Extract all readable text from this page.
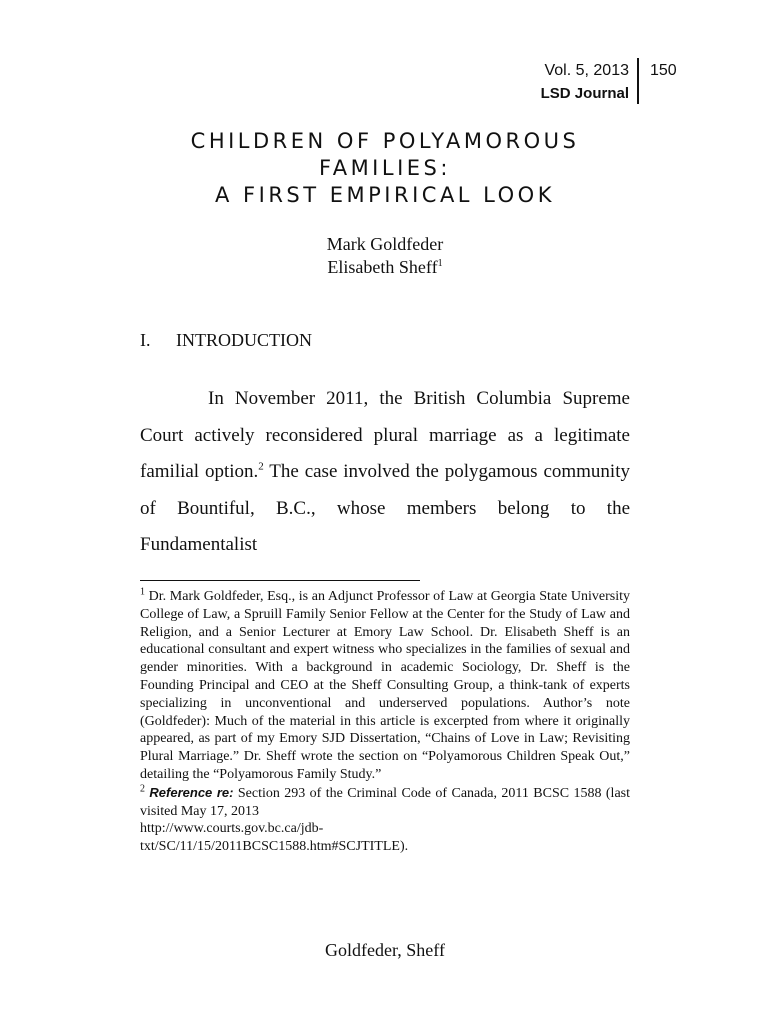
Vol. 5, 2013
LSD Journal
150
CHILDREN OF POLYAMOROUS
FAMILIES:
A FIRST EMPIRICAL LOOK
Mark Goldfeder
Elisabeth Sheff$^1$
I. INTRODUCTION
In November 2011, the British Columbia Supreme Court actively reconsidered plural marriage as a legitimate familial option.$^2$ The case involved the polygamous community of Bountiful, B.C., whose members belong to the Fundamentalist

$^1$ Dr. Mark Goldfeder, Esq., is an Adjunct Professor of Law at Georgia State University College of Law, a Spruill Family Senior Fellow at the Center for the Study of Law and Religion, and a Senior Lecturer at Emory Law School. Dr. Elisabeth Sheff is an educational consultant and expert witness who specializes in the families of sexual and gender minorities. With a background in academic Sociology, Dr. Sheff is the Founding Principal and CEO at the Sheff Consulting Group, a think-tank of experts specializing in unconventional and underserved populations. Author’s note (Goldfeder): Much of the material in this article is excerpted from where it originally appeared, as part of my Emory SJD Dissertation, “Chains of Love in Law; Revisiting Plural Marriage.” Dr. Sheff wrote the section on “Polyamorous Children Speak Out,” detailing the “Polyamorous Family Study.”

$^2$ Reference re: Section 293 of the Criminal Code of Canada, 2011 BCSC 1588 (last visited May 17, 2013

http://www.courts.gov.bc.ca/jdb-
txt/SC/11/15/2011BCSC1588.htm#SCJTITLE).
Goldfeder, Sheff
